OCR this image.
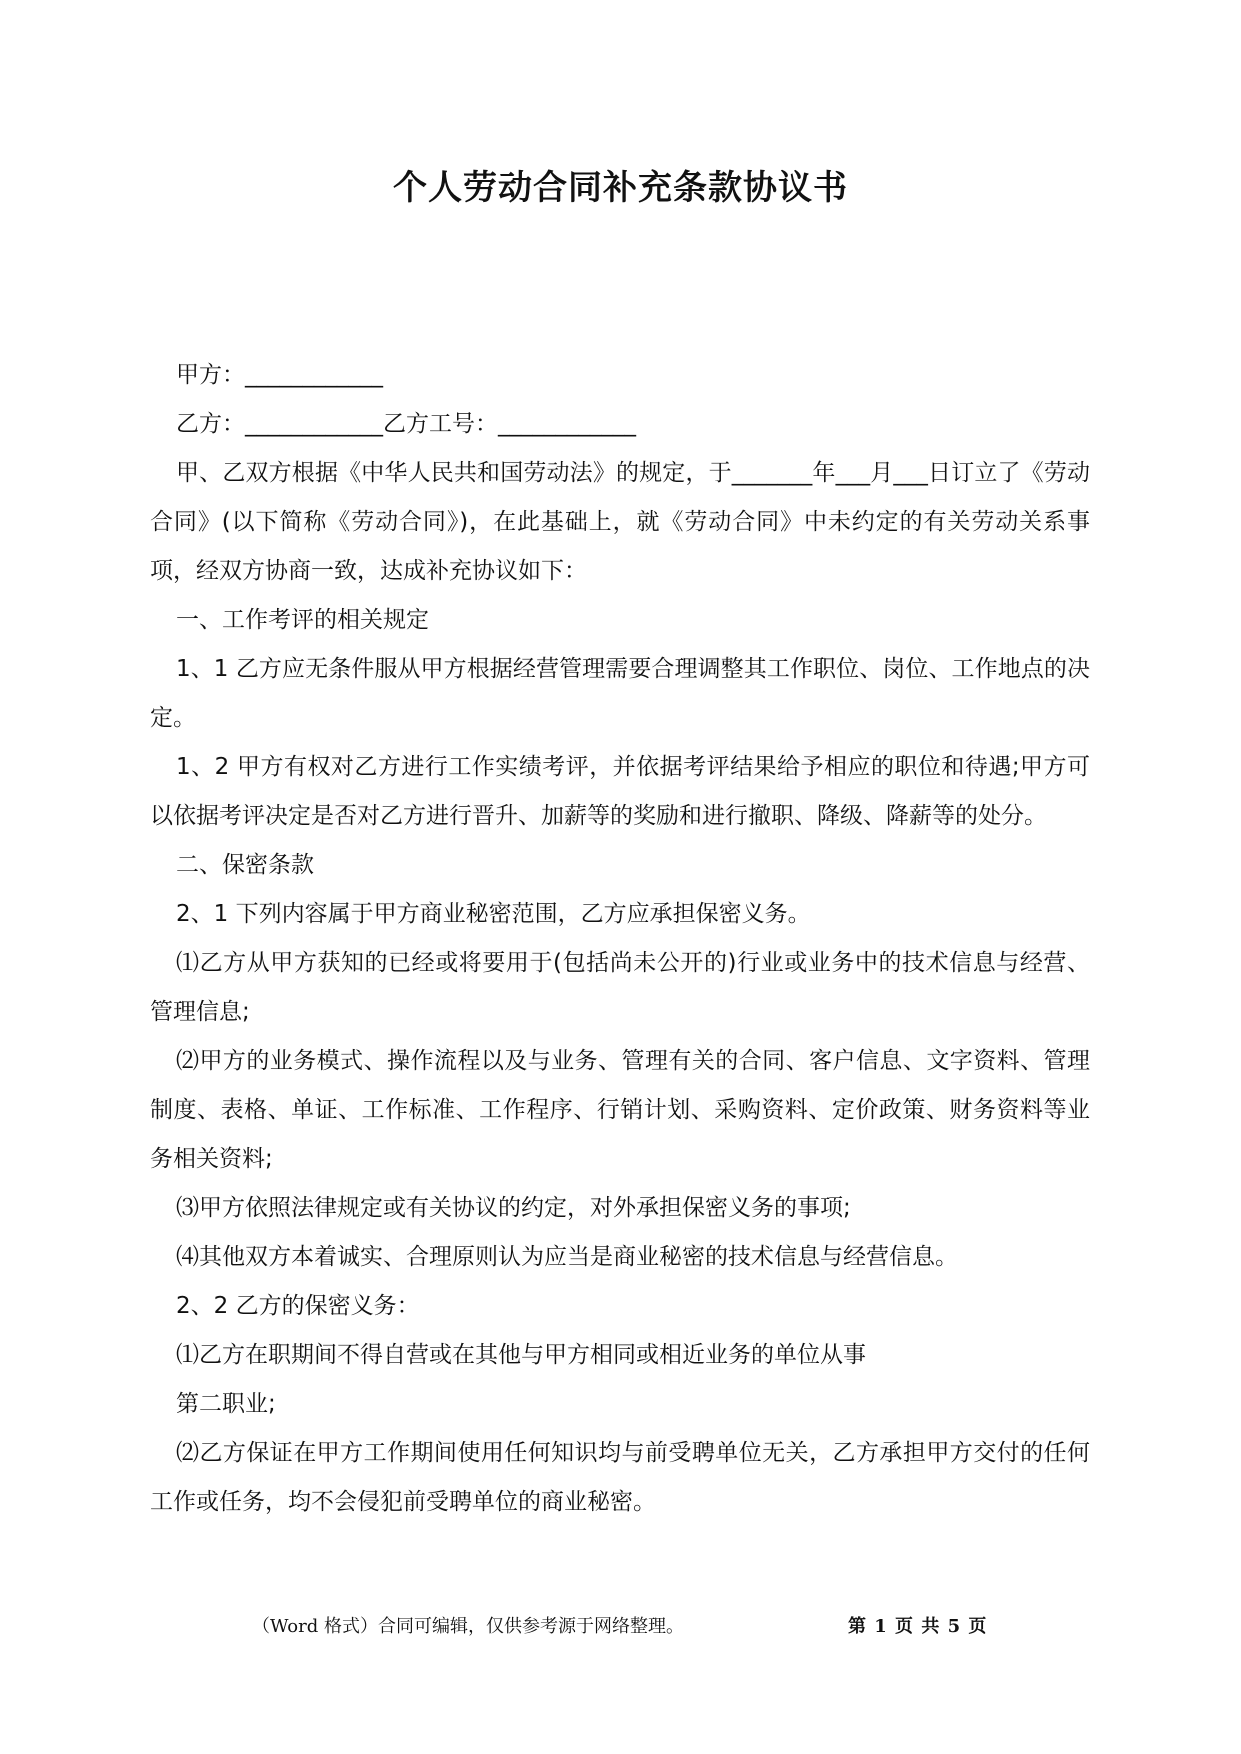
个人劳动合同补充条款协议书

甲方：____________

乙方：____________乙方工号：____________

甲、乙双方根据《中华人民共和国劳动法》的规定，于_______年___月___日订立了《劳动合同》(以下简称《劳动合同》)，在此基础上，就《劳动合同》中未约定的有关劳动关系事项，经双方协商一致，达成补充协议如下：

一、工作考评的相关规定

1、1 乙方应无条件服从甲方根据经营管理需要合理调整其工作职位、岗位、工作地点的决定。

1、2 甲方有权对乙方进行工作实绩考评，并依据考评结果给予相应的职位和待遇;甲方可以依据考评决定是否对乙方进行晋升、加薪等的奖励和进行撤职、降级、降薪等的处分。

二、保密条款

2、1 下列内容属于甲方商业秘密范围，乙方应承担保密义务。

⑴乙方从甲方获知的已经或将要用于(包括尚未公开的)行业或业务中的技术信息与经营、管理信息;

⑵甲方的业务模式、操作流程以及与业务、管理有关的合同、客户信息、文字资料、管理制度、表格、单证、工作标准、工作程序、行销计划、采购资料、定价政策、财务资料等业务相关资料;

⑶甲方依照法律规定或有关协议的约定，对外承担保密义务的事项;

⑷其他双方本着诚实、合理原则认为应当是商业秘密的技术信息与经营信息。

2、2 乙方的保密义务：

⑴乙方在职期间不得自营或在其他与甲方相同或相近业务的单位从事

第二职业;

⑵乙方保证在甲方工作期间使用任何知识均与前受聘单位无关，乙方承担甲方交付的任何工作或任务，均不会侵犯前受聘单位的商业秘密。

（Word 格式）合同可编辑，仅供参考源于网络整理。	第 1 页 共 5 页
